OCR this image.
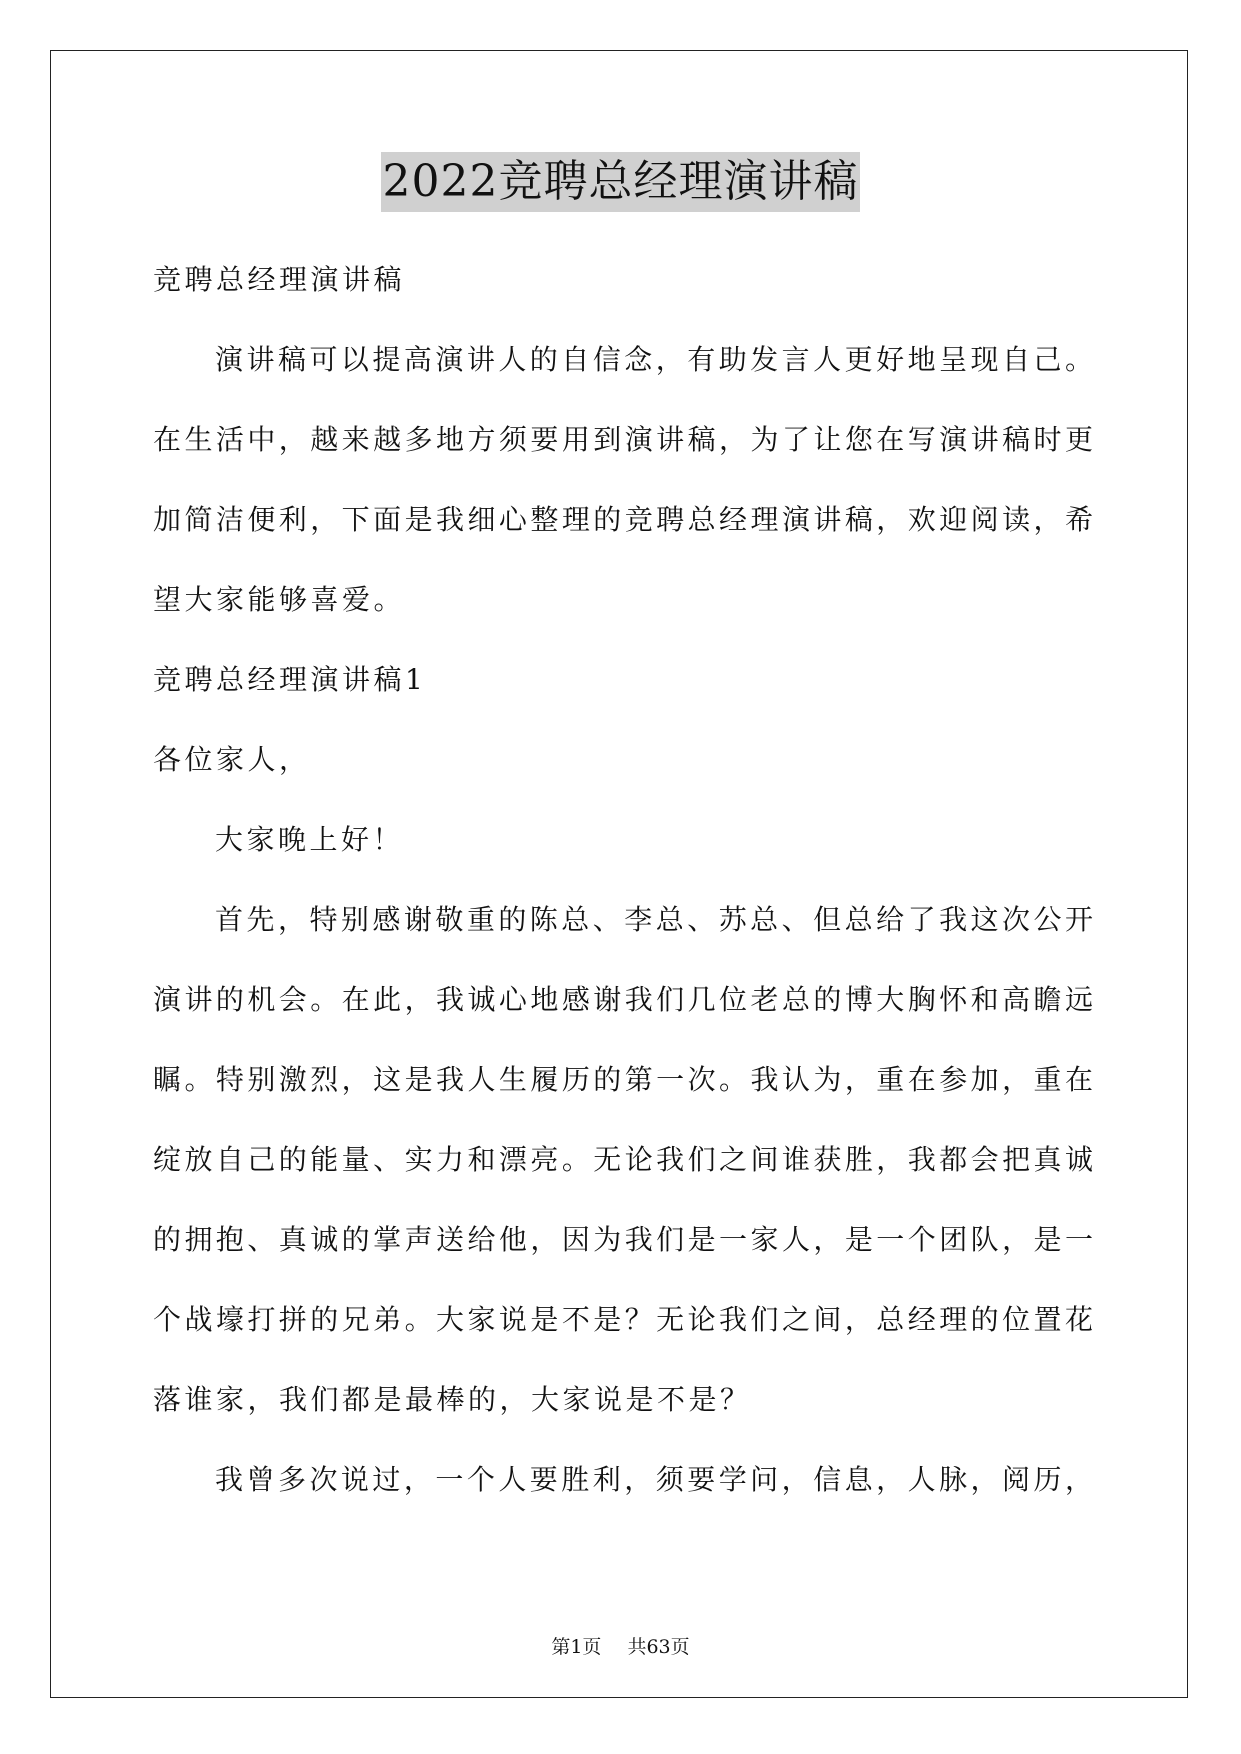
2022竞聘总经理演讲稿
竞聘总经理演讲稿
演讲稿可以提高演讲人的自信念，有助发言人更好地呈现自己。
在生活中，越来越多地方须要用到演讲稿，为了让您在写演讲稿时更
加简洁便利，下面是我细心整理的竞聘总经理演讲稿，欢迎阅读，希
望大家能够喜爱。
竞聘总经理演讲稿1
各位家人，
大家晚上好！
首先，特别感谢敬重的陈总、李总、苏总、但总给了我这次公开
演讲的机会。在此，我诚心地感谢我们几位老总的博大胸怀和高瞻远
瞩。特别激烈，这是我人生履历的第一次。我认为，重在参加，重在
绽放自己的能量、实力和漂亮。无论我们之间谁获胜，我都会把真诚
的拥抱、真诚的掌声送给他，因为我们是一家人，是一个团队，是一
个战壕打拼的兄弟。大家说是不是？无论我们之间，总经理的位置花
落谁家，我们都是最棒的，大家说是不是？
我曾多次说过，一个人要胜利，须要学问，信息，人脉，阅历，
第1页 共63页
